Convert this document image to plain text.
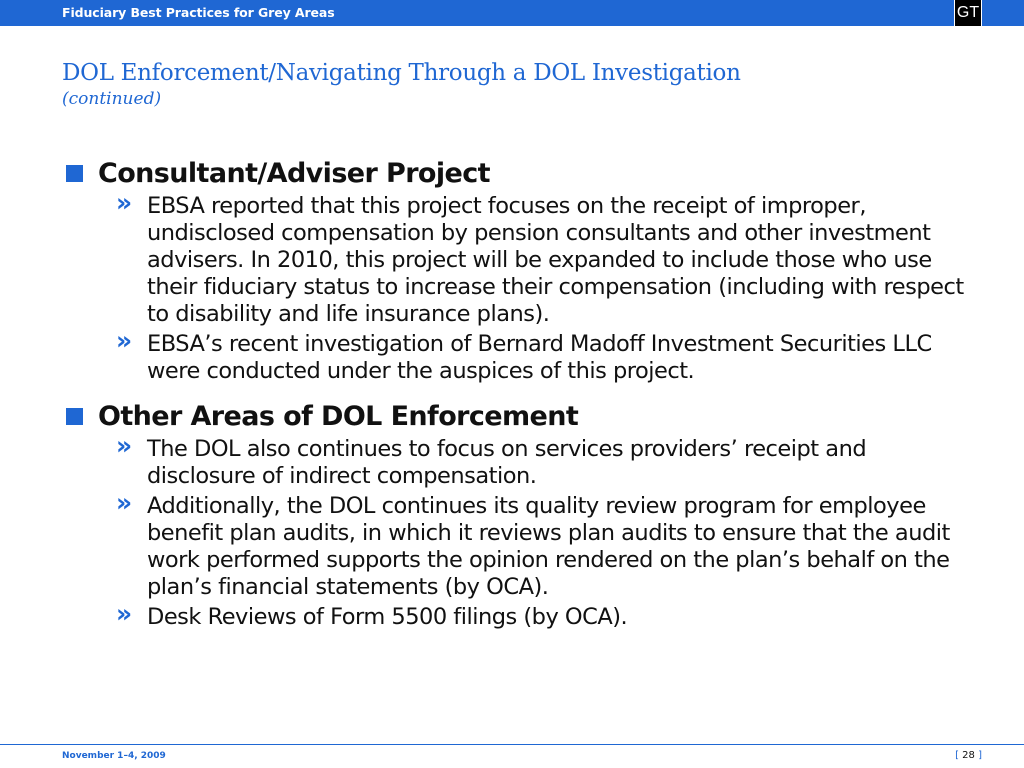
Fiduciary Best Practices for Grey Areas	GT
DOL Enforcement/Navigating Through a DOL Investigation

(continued)

Consultant/Adviser Project
» EBSA reported that this project focuses on the receipt of improper, undisclosed compensation by pension consultants and other investment advisers. In 2010, this project will be expanded to include those who use their fiduciary status to increase their compensation (including with respect to disability and life insurance plans).
» EBSA’s recent investigation of Bernard Madoff Investment Securities LLC were conducted under the auspices of this project.
Other Areas of DOL Enforcement
» The DOL also continues to focus on services providers’ receipt and disclosure of indirect compensation.
» Additionally, the DOL continues its quality review program for employee benefit plan audits, in which it reviews plan audits to ensure that the audit work performed supports the opinion rendered on the plan’s behalf on the plan’s financial statements (by OCA).
» Desk Reviews of Form 5500 filings (by OCA).
November 1–4, 2009	[ 28 ]
